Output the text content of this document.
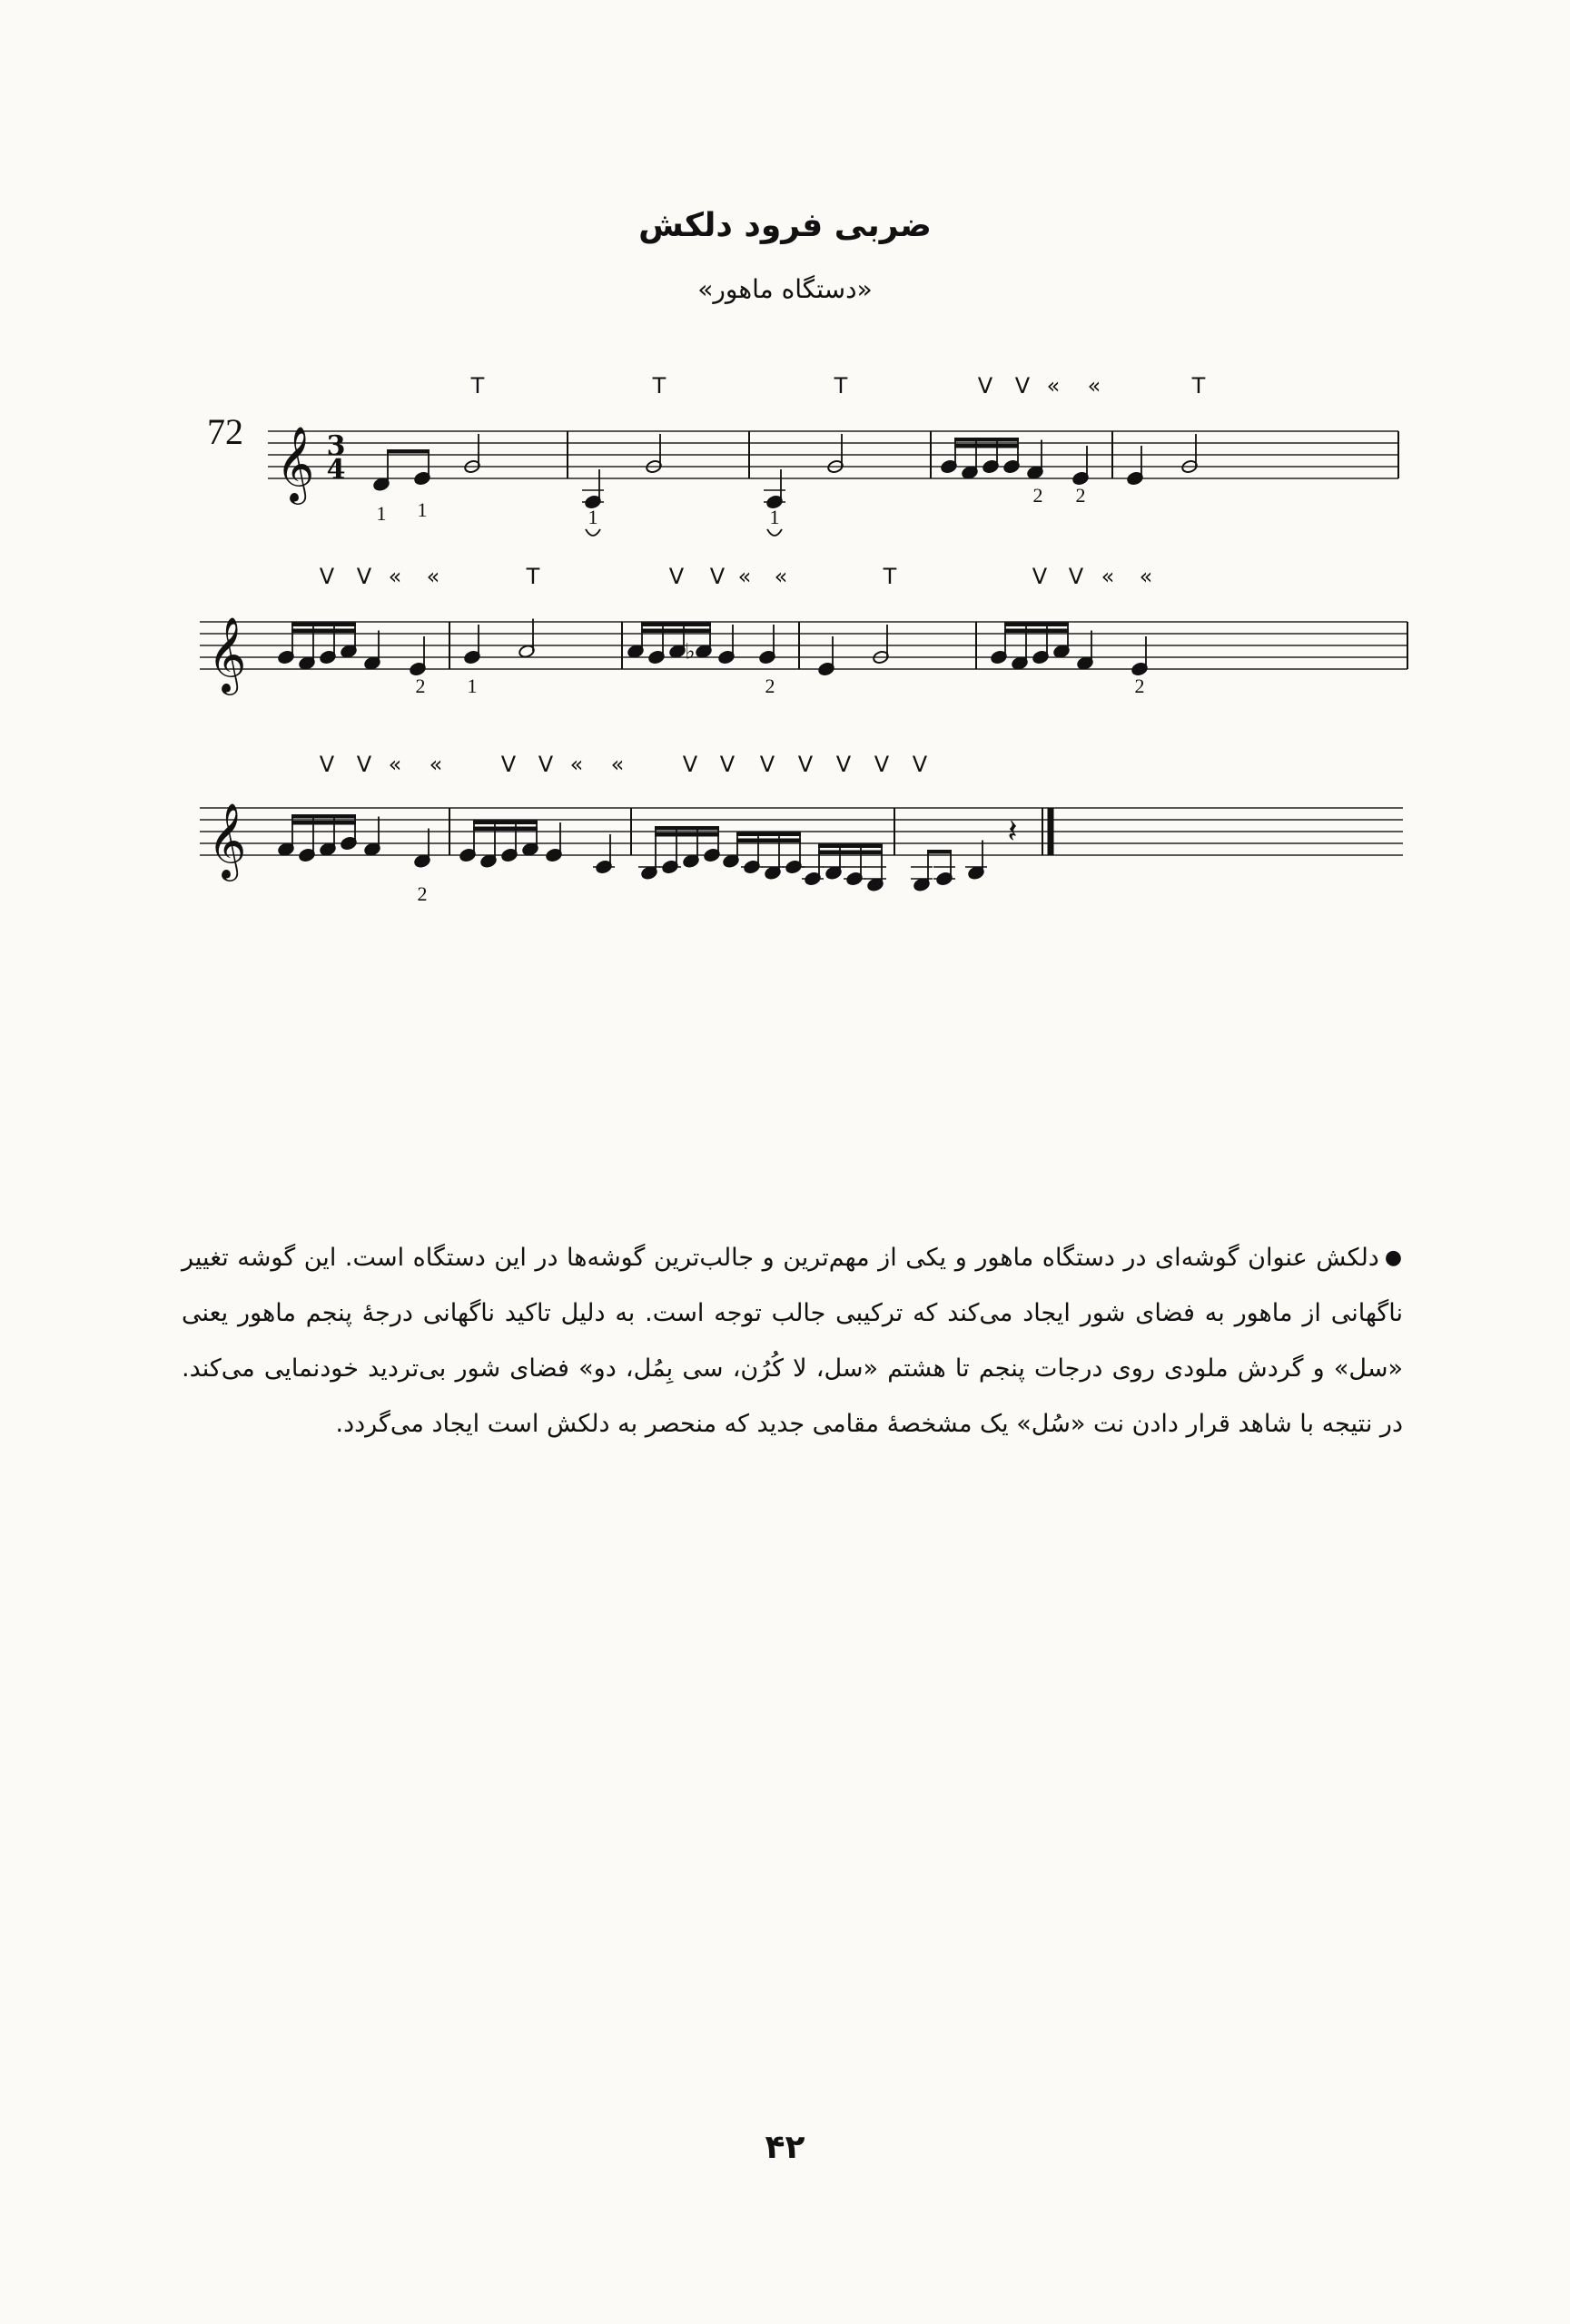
ضربی فرود دلکش
«دستگاه ماهور»
72 𝄞 3
4
T
1 1
T
1
T
1
V V « «
2 2
T
𝄞
V V « «
2
T
1
♭
V V « «
2
T	V V « «
2
𝄞
V V « «
2
V V « «	V V V V V V V
𝄽
●دلکش عنوان گوشه‌ای در دستگاه ماهور و یکی از مهم‌ترین و جالب‌ترین گوشه‌ها در این دستگاه است. این گوشه تغییر ناگهانی از ماهور به فضای شور ایجاد می‌کند که ترکیبی جالب توجه است. به دلیل تاکید ناگهانی درجهٔ پنجم ماهور یعنی «سل» و گردش ملودی روی درجات پنجم تا هشتم «سل، لا کُرُن، سی بِمُل، دو» فضای شور بی‌تردید خودنمایی می‌کند. در نتیجه با شاهد قرار دادن نت «سُل» یک مشخصهٔ مقامی جدید که منحصر به دلکش است ایجاد می‌گردد.
۴۲
